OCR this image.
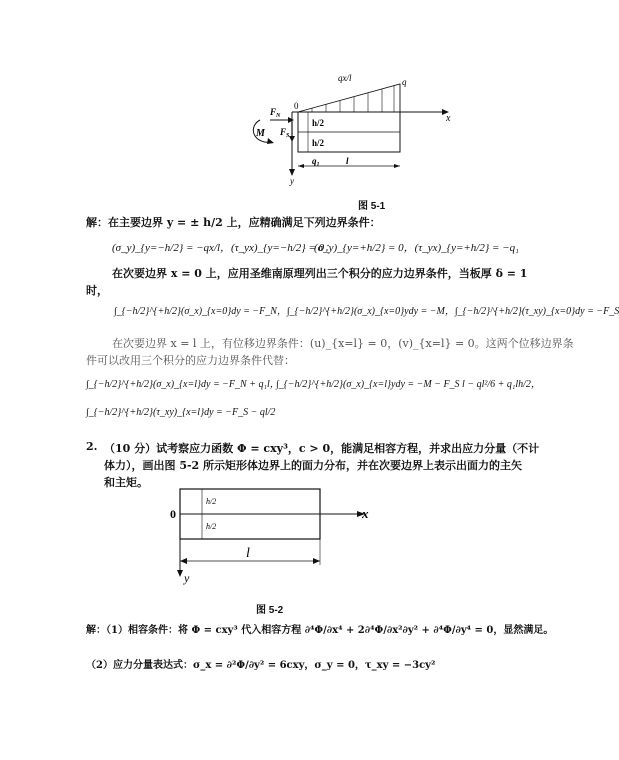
qx/l	q
x
y
0
$F_N$
$F_S$
M
h/2
h/2
$q_1$	l
图 5-1
解：在主要边界 y = ± h/2 上，应精确满足下列边界条件：
(σ_y)_{y=−h/2} = −qx/l，(τ_yx)_{y=−h/2} = 0；
(σ_y)_{y=+h/2} = 0，(τ_yx)_{y=+h/2} = −q₁
在次要边界 x = 0 上，应用圣维南原理列出三个积分的应力边界条件，当板厚 δ = 1
时，
∫_{−h/2}^{+h/2}(σ_x)_{x=0}dy = −F_N，∫_{−h/2}^{+h/2}(σ_x)_{x=0}ydy = −M，∫_{−h/2}^{+h/2}(τ_xy)_{x=0}dy = −F_S
在次要边界 x = l 上，有位移边界条件：(u)_{x=l} = 0，(v)_{x=l} = 0。这两个位移边界条
件可以改用三个积分的应力边界条件代替：
∫_{−h/2}^{+h/2}(σ_x)_{x=l}dy = −F_N + q₁l，
∫_{−h/2}^{+h/2}(σ_x)_{x=l}ydy = −M − F_S l − ql²/6 + q₁lh/2，
∫_{−h/2}^{+h/2}(τ_xy)_{x=l}dy = −F_S − ql/2
2. （10 分）试考察应力函数 Φ = cxy³，c > 0，能满足相容方程，并求出应力分量（不计
体力），画出图 5-2 所示矩形体边界上的面力分布，并在次要边界上表示出面力的主矢
和主矩。
x
0
y
h/2
h/2
l
图 5-2
解：（1）相容条件：将 Φ = cxy³ 代入相容方程 ∂⁴Φ/∂x⁴ + 2∂⁴Φ/∂x²∂y² + ∂⁴Φ/∂y⁴ = 0，显然满足。
（2）应力分量表达式：σ_x = ∂²Φ/∂y² = 6cxy，σ_y = 0，τ_xy = −3cy²
